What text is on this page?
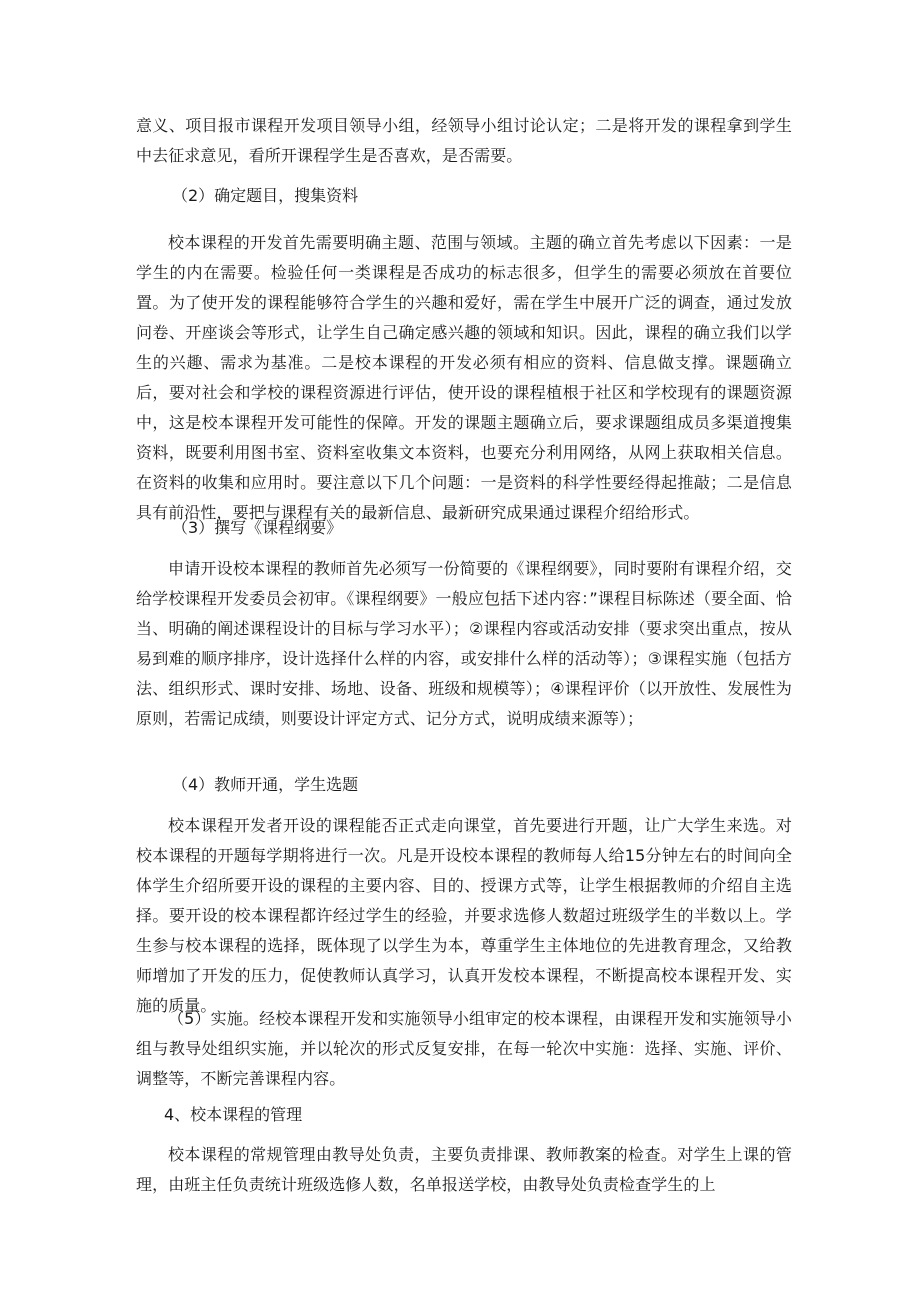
意义、项目报市课程开发项目领导小组，经领导小组讨论认定；二是将开发的课程拿到学生中去征求意见，看所开课程学生是否喜欢，是否需要。

（2）确定题目，搜集资料

校本课程的开发首先需要明确主题、范围与领域。主题的确立首先考虑以下因素：一是学生的内在需要。检验任何一类课程是否成功的标志很多，但学生的需要必须放在首要位置。为了使开发的课程能够符合学生的兴趣和爱好，需在学生中展开广泛的调查，通过发放问卷、开座谈会等形式，让学生自己确定感兴趣的领域和知识。因此，课程的确立我们以学生的兴趣、需求为基准。二是校本课程的开发必须有相应的资料、信息做支撑。课题确立后，要对社会和学校的课程资源进行评估，使开设的课程植根于社区和学校现有的课题资源中，这是校本课程开发可能性的保障。开发的课题主题确立后，要求课题组成员多渠道搜集资料，既要利用图书室、资料室收集文本资料，也要充分利用网络，从网上获取相关信息。在资料的收集和应用时。要注意以下几个问题：一是资料的科学性要经得起推敲；二是信息具有前沿性，要把与课程有关的最新信息、最新研究成果通过课程介绍给形式。

（3）撰写《课程纲要》

申请开设校本课程的教师首先必须写一份简要的《课程纲要》，同时要附有课程介绍，交给学校课程开发委员会初审。《课程纲要》一般应包括下述内容：”课程目标陈述（要全面、恰当、明确的阐述课程设计的目标与学习水平）；②课程内容或活动安排（要求突出重点，按从易到难的顺序排序，设计选择什么样的内容，或安排什么样的活动等）；③课程实施（包括方法、组织形式、课时安排、场地、设备、班级和规模等）；④课程评价（以开放性、发展性为原则，若需记成绩，则要设计评定方式、记分方式，说明成绩来源等）；

（4）教师开通，学生选题

校本课程开发者开设的课程能否正式走向课堂，首先要进行开题，让广大学生来选。对校本课程的开题每学期将进行一次。凡是开设校本课程的教师每人给15分钟左右的时间向全体学生介绍所要开设的课程的主要内容、目的、授课方式等，让学生根据教师的介绍自主选择。要开设的校本课程都许经过学生的经验，并要求选修人数超过班级学生的半数以上。学生参与校本课程的选择，既体现了以学生为本，尊重学生主体地位的先进教育理念，又给教师增加了开发的压力，促使教师认真学习，认真开发校本课程，不断提高校本课程开发、实施的质量。

（5）实施。经校本课程开发和实施领导小组审定的校本课程，由课程开发和实施领导小组与教导处组织实施，并以轮次的形式反复安排，在每一轮次中实施：选择、实施、评价、调整等，不断完善课程内容。

4、校本课程的管理

校本课程的常规管理由教导处负责，主要负责排课、教师教案的检查。对学生上课的管理，由班主任负责统计班级选修人数，名单报送学校，由教导处负责检查学生的上
